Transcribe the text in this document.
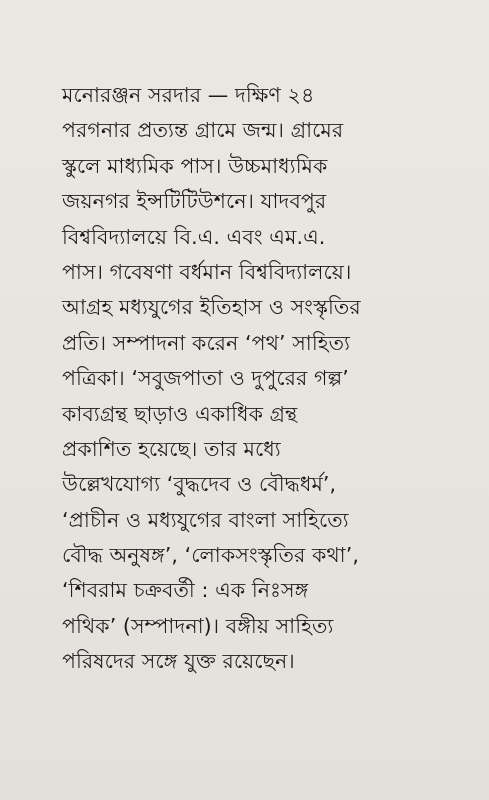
মনোরঞ্জন সরদার — দক্ষিণ ২৪
পরগনার প্রত্যন্ত গ্রামে জন্ম। গ্রামের
স্কুলে মাধ্যমিক পাস। উচ্চমাধ্যমিক
জয়নগর ইন্সটিটিউশনে। যাদবপুর
বিশ্ববিদ্যালয়ে বি.এ. এবং এম.এ.
পাস। গবেষণা বর্ধমান বিশ্ববিদ্যালয়ে।
আগ্রহ মধ্যযুগের ইতিহাস ও সংস্কৃতির
প্রতি। সম্পাদনা করেন ‘পথ’ সাহিত্য
পত্রিকা। ‘সবুজপাতা ও দুপুরের গল্প’
কাব্যগ্রন্থ ছাড়াও একাধিক গ্রন্থ
প্রকাশিত হয়েছে। তার মধ্যে
উল্লেখযোগ্য ‘বুদ্ধদেব ও বৌদ্ধধর্ম’,
‘প্রাচীন ও মধ্যযুগের বাংলা সাহিত্যে
বৌদ্ধ অনুষঙ্গ’, ‘লোকসংস্কৃতির কথা’,
‘শিবরাম চক্রবর্তী : এক নিঃসঙ্গ
পথিক’ (সম্পাদনা)। বঙ্গীয় সাহিত্য
পরিষদের সঙ্গে যুক্ত রয়েছেন।
